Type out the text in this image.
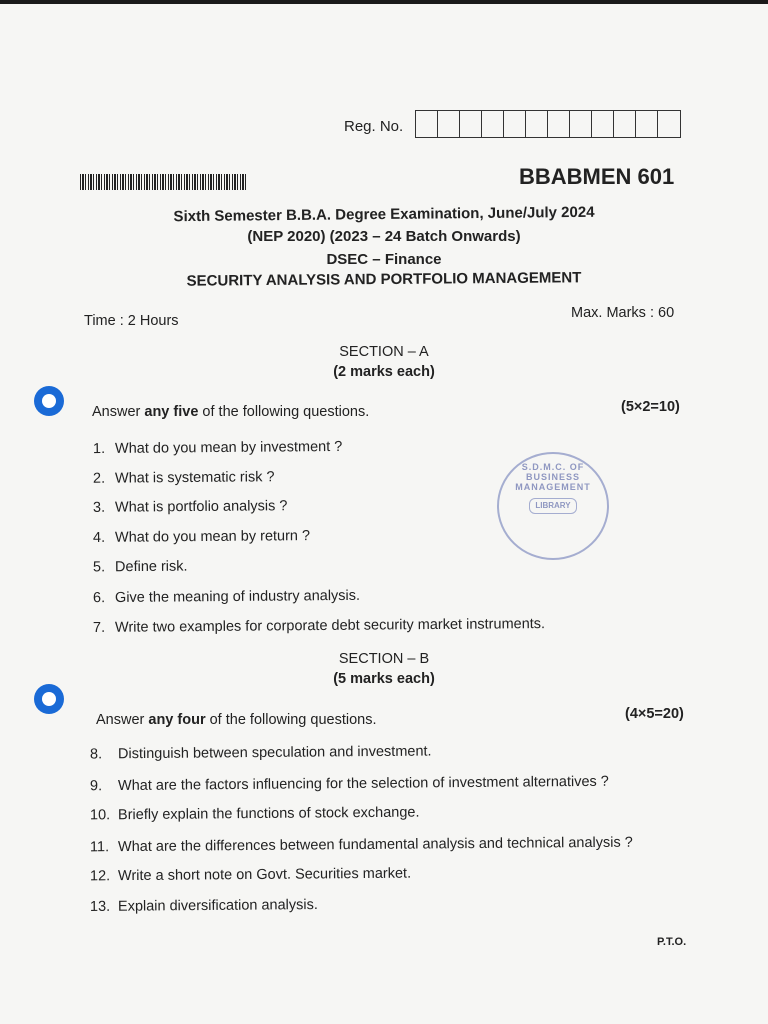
Reg. No.
BBABMEN 601
Sixth Semester B.B.A. Degree Examination, June/July 2024
(NEP 2020) (2023 – 24 Batch Onwards)
DSEC – Finance
SECURITY ANALYSIS AND PORTFOLIO MANAGEMENT
Time : 2 Hours	Max. Marks : 60
SECTION – A
(2 marks each)
Answer any five of the following questions.	(5×2=10)
1. What do you mean by investment ?
2. What is systematic risk ?
3. What is portfolio analysis ?
4. What do you mean by return ?
5. Define risk.
6. Give the meaning of industry analysis.
7. Write two examples for corporate debt security market instruments.
S.D.M.C. OF BUSINESS MANAGEMENT
LIBRARY
SECTION – B
(5 marks each)
Answer any four of the following questions.	(4×5=20)
8. Distinguish between speculation and investment.
9. What are the factors influencing for the selection of investment alternatives ?
10. Briefly explain the functions of stock exchange.
11. What are the differences between fundamental analysis and technical analysis ?
12. Write a short note on Govt. Securities market.
13. Explain diversification analysis.
P.T.O.
